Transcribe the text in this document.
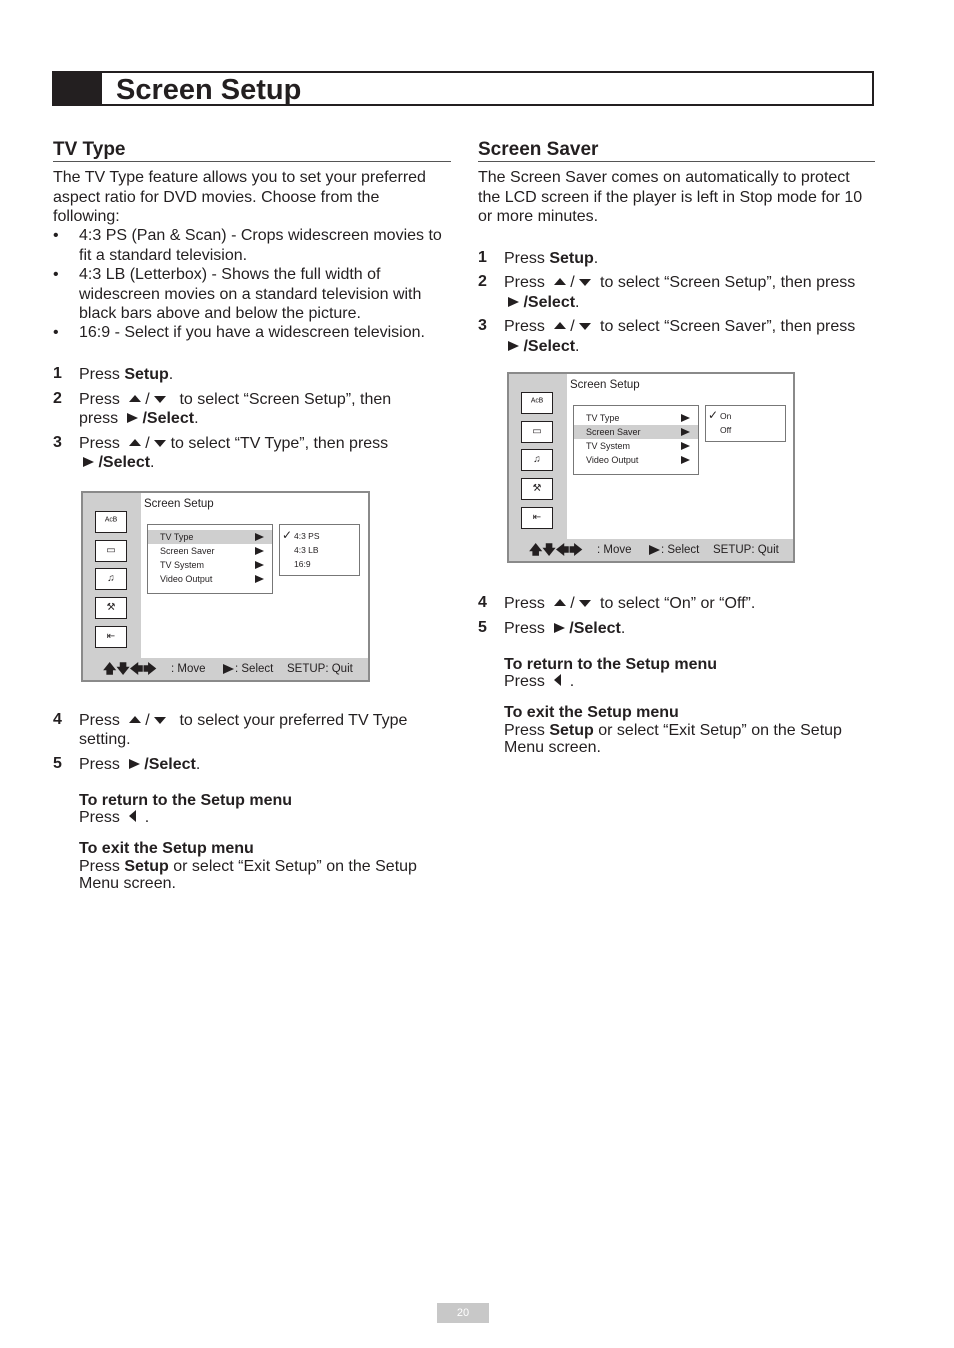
Screen Setup
TV Type
The TV Type feature allows you to set your preferred aspect ratio for DVD movies. Choose from the following:
• 4:3 PS (Pan & Scan) - Crops widescreen movies to fit a standard television.
• 4:3 LB (Letterbox) - Shows the full width of widescreen movies on a standard television with black bars above and below the picture.
• 16:9 - Select if you have a widescreen television.
1 Press Setup.
2 Press   /    to select “Screen Setup”, then
press /Select.
3 Press   /  to select “TV Type”, then press
/Select.
ᴬᶜᴮ
▭
♫
⚒
⇤
Screen Setup
TV Type
Screen Saver
TV System
Video Output
✓ 4:3 PS
4:3 LB
16:9
🡅🡇🡄🡆 : Move	: Select SETUP: Quit
4 Press   /    to select your preferred TV Type
setting.
5 Press /Select.
To return to the Setup menu
Press .
To exit the Setup menu
Press Setup or select “Exit Setup” on the Setup
Menu screen.
Screen Saver
The Screen Saver comes on automatically to protect the LCD screen if the player is left in Stop mode for 10 or more minutes.
1 Press Setup.
2 Press   /   to select “Screen Setup”, then press
/Select.
3 Press   /   to select “Screen Saver”, then press
/Select.
ᴬᶜᴮ
▭
♫
⚒
⇤
Screen Setup
TV Type
Screen Saver
TV System
Video Output
✓ On
Off
🡅🡇🡄🡆 : Move	: Select SETUP: Quit
4 Press   /   to select “On” or “Off”.
5 Press /Select.
To return to the Setup menu
Press .
To exit the Setup menu
Press Setup or select “Exit Setup” on the Setup
Menu screen.
20
